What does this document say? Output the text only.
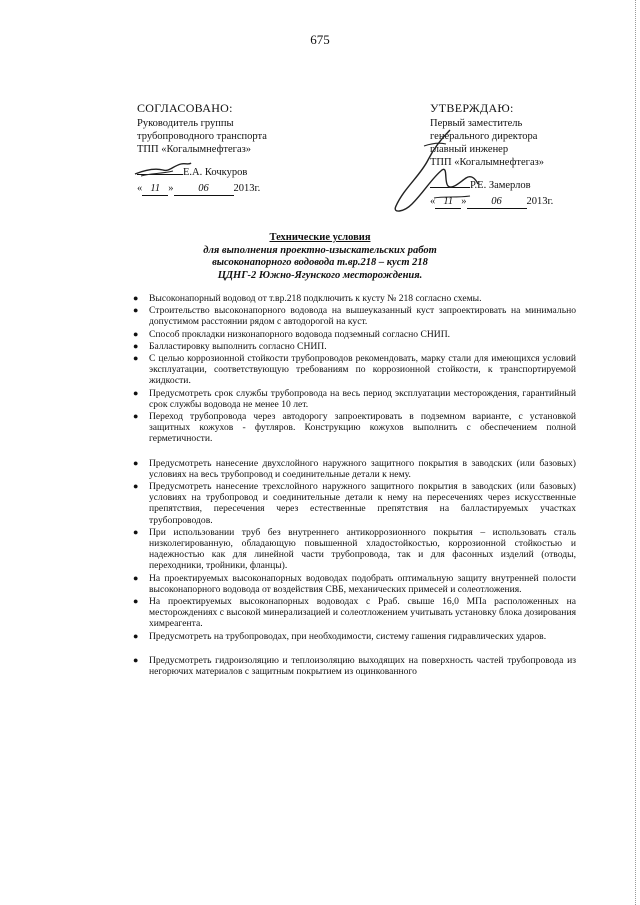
675
СОГЛАСОВАНО:
Руководитель группы
трубопроводного транспорта
ТПП «Когалымнефтегаз»
Е.А. Кочкуров
« 11 » 06 2013г.
УТВЕРЖДАЮ:
Первый заместитель
генерального директора
главный инженер
ТПП «Когалымнефтегаз»
Р.Е. Замерлов
« 11 » 06 2013г.
Технические условия
для выполнения проектно-изыскательских работ
высоконапорного водовода т.вр.218 – куст 218
ЦДНГ-2 Южно-Ягунского месторождения.
● Высоконапорный водовод от т.вр.218 подключить к кусту № 218 согласно схемы.
● Строительство высоконапорного водовода на вышеуказанный куст запроектировать на минимально допустимом расстоянии рядом с автодорогой на куст.
● Способ прокладки низконапорного водовода подземный согласно СНИП.
● Балластировку выполнить согласно СНИП.
● С целью коррозионной стойкости трубопроводов рекомендовать, марку стали для имеющихся условий эксплуатации, соответствующую требованиям по коррозионной стойкости, к транспортируемой жидкости.
● Предусмотреть срок службы трубопровода на весь период эксплуатации месторождения, гарантийный срок службы водовода не менее 10 лет.
● Переход трубопровода через автодорогу запроектировать в подземном варианте, с установкой защитных кожухов - футляров. Конструкцию кожухов выполнить с обеспечением полной герметичности.
● Предусмотреть нанесение двухслойного наружного защитного покрытия в заводских (или базовых) условиях на весь трубопровод и соединительные детали к нему.
● Предусмотреть нанесение трехслойного наружного защитного покрытия в заводских (или базовых) условиях на трубопровод и соединительные детали к нему на пересечениях через искусственные препятствия, пересечения через естественные препятствия на балластируемых участках трубопроводов.
● При использовании труб без внутреннего антикоррозионного покрытия – использовать сталь низколегированную, обладающую повышенной хладостойкостью, коррозионной стойкостью и надежностью как для линейной части трубопровода, так и для фасонных изделий (отводы, переходники, тройники, фланцы).
● На проектируемых высоконапорных водоводах подобрать оптимальную защиту внутренней полости высоконапорного водовода от воздействия СВБ, механических примесей и солеотложения.
● На проектируемых высоконапорных водоводах с Рраб. свыше 16,0 МПа расположенных на месторождениях с высокой минерализацией и солеотложением учитывать установку блока дозирования химреагента.
● Предусмотреть на трубопроводах, при необходимости, систему гашения гидравлических ударов.
● Предусмотреть гидроизоляцию и теплоизоляцию выходящих на поверхность частей трубопровода из негорючих материалов с защитным покрытием из оцинкованного
